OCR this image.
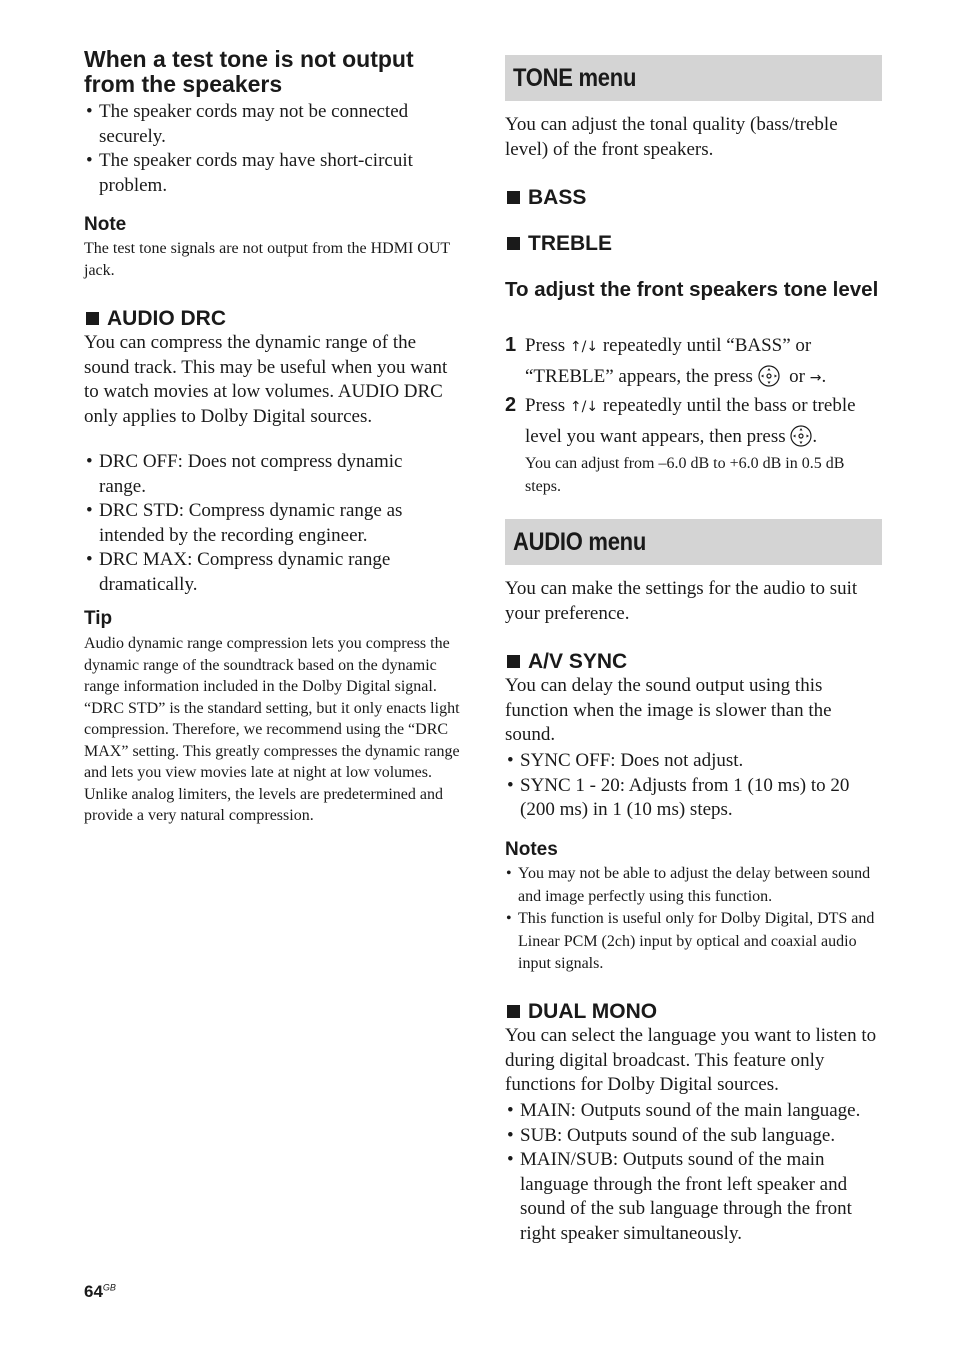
When a test tone is not output from the speakers
• The speaker cords may not be connected securely.
• The speaker cords may have short-circuit problem.
Note

The test tone signals are not output from the HDMI OUT jack.

AUDIO DRC

You can compress the dynamic range of the sound track. This may be useful when you want to watch movies at low volumes. AUDIO DRC only applies to Dolby Digital sources.

• DRC OFF: Does not compress dynamic range.
• DRC STD: Compress dynamic range as intended by the recording engineer.
• DRC MAX: Compress dynamic range dramatically.
Tip

Audio dynamic range compression lets you compress the dynamic range of the soundtrack based on the dynamic range information included in the Dolby Digital signal. “DRC STD” is the standard setting, but it only enacts light compression. Therefore, we recommend using the “DRC MAX” setting. This greatly compresses the dynamic range and lets you view movies late at night at low volumes. Unlike analog limiters, the levels are predetermined and provide a very natural compression.

TONE menu

You can adjust the tonal quality (bass/treble level) of the front speakers.

BASS
TREBLE
To adjust the front speakers tone level
1 Press ↑/↓ repeatedly until “BASS” or “TREBLE” appears, the press or →.
2 Press ↑/↓ repeatedly until the bass or treble level you want appears, then press .

You can adjust from –6.0 dB to +6.0 dB in 0.5 dB steps.

AUDIO menu

You can make the settings for the audio to suit your preference.

A/V SYNC

You can delay the sound output using this function when the image is slower than the sound.

• SYNC OFF: Does not adjust.
• SYNC 1 - 20: Adjusts from 1 (10 ms) to 20 (200 ms) in 1 (10 ms) steps.
Notes
• You may not be able to adjust the delay between sound and image perfectly using this function.
• This function is useful only for Dolby Digital, DTS and Linear PCM (2ch) input by optical and coaxial audio input signals.
DUAL MONO

You can select the language you want to listen to during digital broadcast. This feature only functions for Dolby Digital sources.

• MAIN: Outputs sound of the main language.
• SUB: Outputs sound of the sub language.
• MAIN/SUB: Outputs sound of the main language through the front left speaker and sound of the sub language through the front right speaker simultaneously.
$64^{GB}$
